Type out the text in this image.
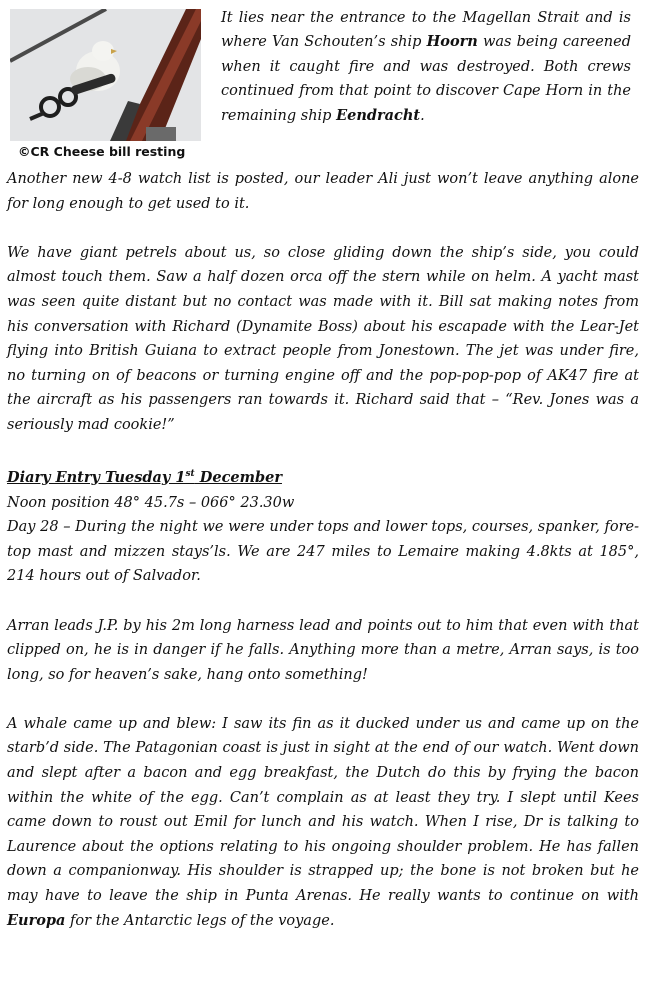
©CR Cheese bill resting

It lies near the entrance to the Magellan Strait and is where Van Schouten’s ship Hoorn was being careened when it caught fire and was destroyed. Both crews continued from that point to discover Cape Horn in the remaining ship Eendracht.

Another new 4-8 watch list is posted, our leader Ali just won’t leave anything alone for long enough to get used to it.

We have giant petrels about us, so close gliding down the ship’s side, you could almost touch them. Saw a half dozen orca off the stern while on helm. A yacht mast was seen quite distant but no contact was made with it. Bill sat making notes from his conversation with Richard (Dynamite Boss) about his escapade with the Lear-Jet flying into British Guiana to extract people from Jonestown. The jet was under fire, no turning on of beacons or turning engine off and the pop-pop-pop of AK47 fire at the aircraft as his passengers ran towards it. Richard said that – “Rev. Jones was a seriously mad cookie!”

Diary Entry Tuesday 1st December

Noon position 48° 45.7s – 066° 23.30w

Day 28 – During the night we were under tops and lower tops, courses, spanker, fore-top mast and mizzen stays’ls. We are 247 miles to Lemaire making 4.8kts at 185°, 214 hours out of Salvador.

Arran leads J.P. by his 2m long harness lead and points out to him that even with that clipped on, he is in danger if he falls. Anything more than a metre, Arran says, is too long, so for heaven’s sake, hang onto something!

A whale came up and blew: I saw its fin as it ducked under us and came up on the starb’d side. The Patagonian coast is just in sight at the end of our watch. Went down and slept after a bacon and egg breakfast, the Dutch do this by frying the bacon within the white of the egg. Can’t complain as at least they try. I slept until Kees came down to roust out Emil for lunch and his watch. When I rise, Dr is talking to Laurence about the options relating to his ongoing shoulder problem. He has fallen down a companionway. His shoulder is strapped up; the bone is not broken but he may have to leave the ship in Punta Arenas. He really wants to continue on with Europa for the Antarctic legs of the voyage.
